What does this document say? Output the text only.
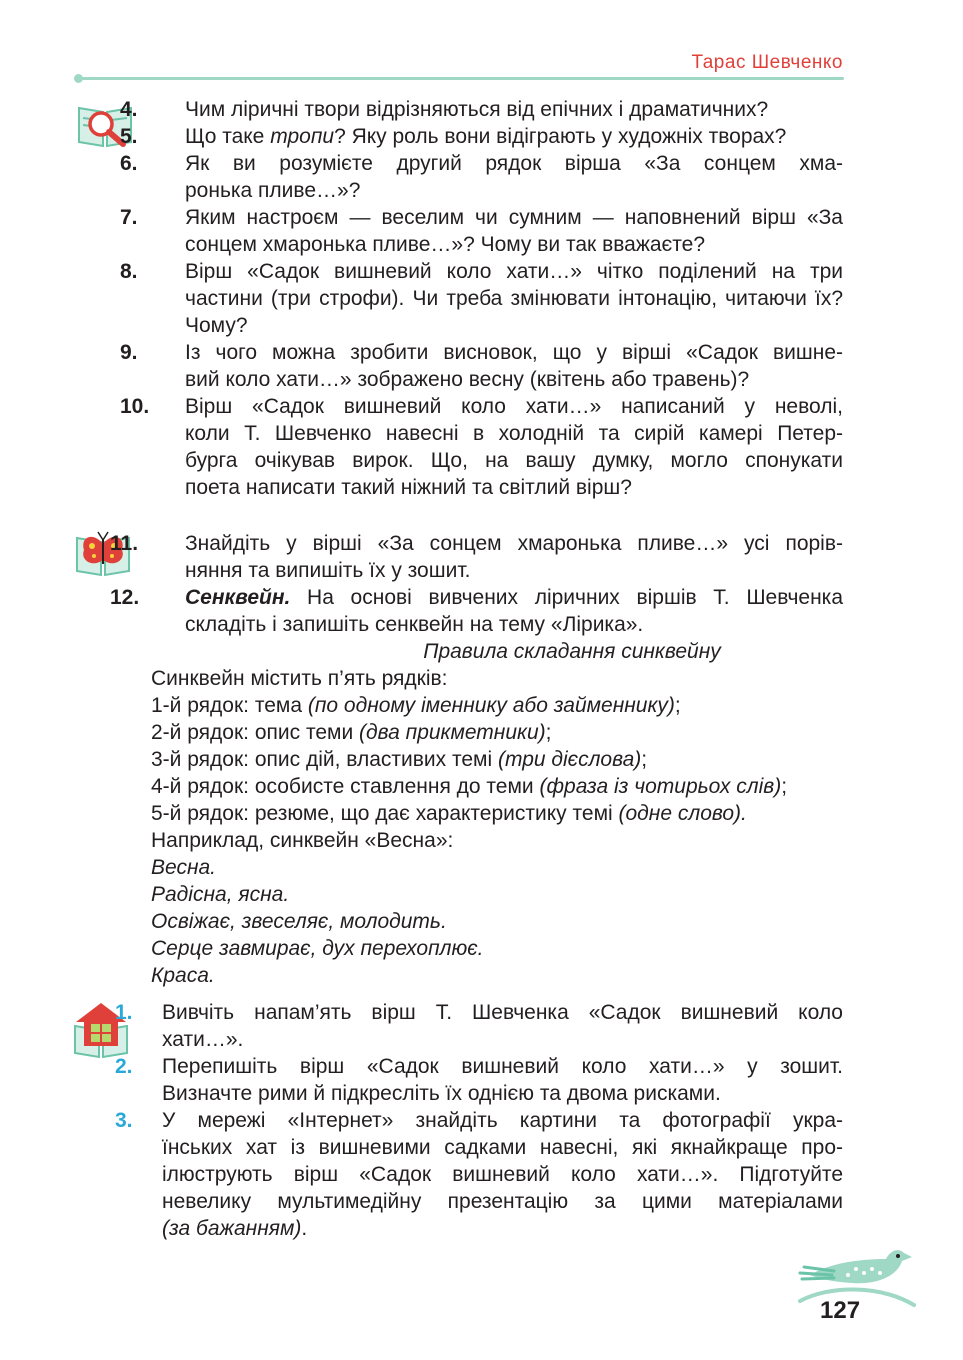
Тарас Шевченко
4.	Чим ліричні твори відрізняються від епічних і драматичних?
5.	Що таке тропи? Яку роль вони відіграють у художніх творах?
6.	Як ви розумієте другий рядок вірша «За сонцем хма-
ронька пливе…»?
7.	Яким настроєм — веселим чи сумним — наповнений вірш «За сонцем хмаронька пливе…»? Чому ви так вважаєте?
8.	Вірш «Садок вишневий коло хати…» чітко поділений на три частини (три строфи). Чи треба змінювати інтонацію, читаючи їх? Чому?
9.	Із чого можна зробити висновок, що у вірші «Садок вишне-
вий коло хати…» зображено весну (квітень або травень)?
10.	Вірш «Садок вишневий коло хати…» написаний у неволі,
коли Т. Шевченко навесні в холодній та сирій камері Петер-
бурга очікував вирок. Що, на вашу думку, могло спонукати
поета написати такий ніжний та світлий вірш?
11.	Знайдіть у вірші «За сонцем хмаронька пливе…» усі порів-
няння та випишіть їх у зошит.
12.	Сенквейн. На основі вивчених ліричних віршів Т. Шевченка
складіть і запишіть сенквейн на тему «Лірика».
Правила складання синквейну
Синквейн містить п’ять рядків:
1-й рядок: тема (по одному іменнику або займеннику);
2-й рядок: опис теми (два прикметники);
3-й рядок: опис дій, властивих темі (три дієслова);
4-й рядок: особисте ставлення до теми (фраза із чотирьох слів);
5-й рядок: резюме, що дає характеристику темі (одне слово).
Наприклад, синквейн «Весна»:
Весна.
Радісна, ясна.
Освіжає, звеселяє, молодить.
Серце завмирає, дух перехоплює.
Краса.
1.	Вивчіть напам’ять вірш Т. Шевченка «Садок вишневий коло
хати…».
2.	Перепишіть вірш «Садок вишневий коло хати…» у зошит.
Визначте рими й підкресліть їх однією та двома рисками.
3.	У мережі «Інтернет» знайдіть картини та фотографії укра-
їнських хат із вишневими садками навесні, які якнайкраще про-
ілюструють вірш «Садок вишневий коло хати…». Підготуйте
невелику мультимедійну презентацію за цими матеріалами
(за бажанням).
127
